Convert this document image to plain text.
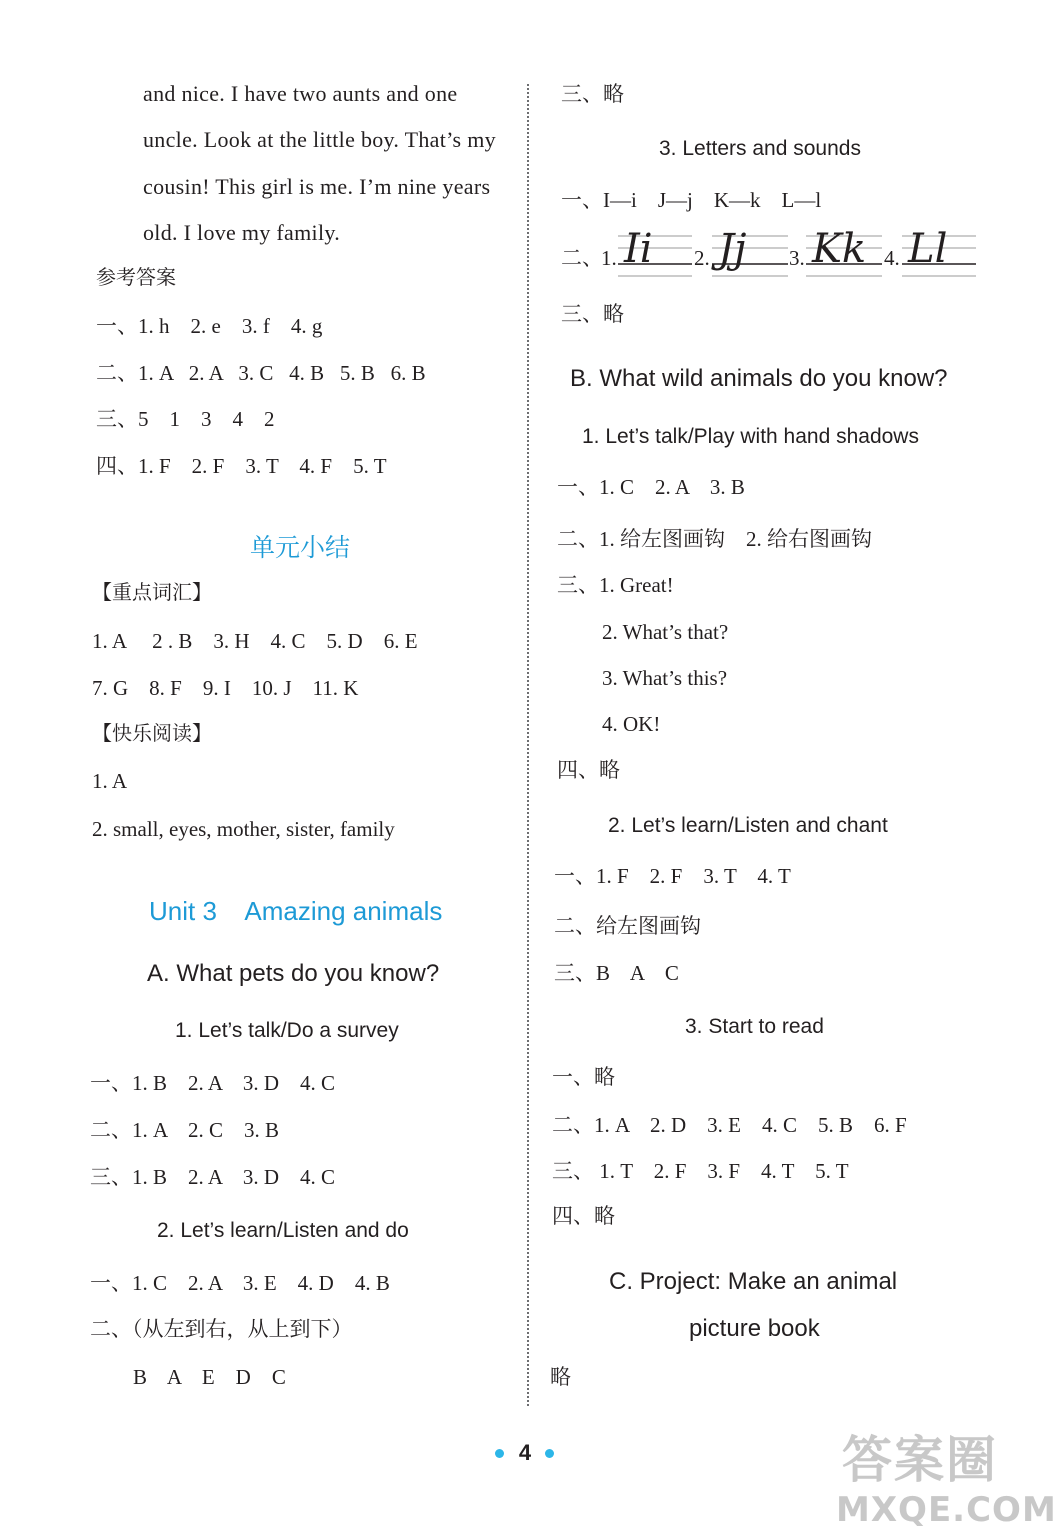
and nice. I have two aunts and one
uncle. Look at the little boy. That’s my
cousin! This girl is me. I’m nine years
old. I love my family.
参考答案
一、1. h    2. e    3. f    4. g
二、1. A   2. A   3. C   4. B   5. B   6. B
三、5    1    3    4    2
四、1. F    2. F    3. T    4. F    5. T
单元小结
【重点词汇】
1. A     2 . B    3. H    4. C    5. D    6. E
7. G    8. F    9. I    10. J    11. K
【快乐阅读】
1. A
2. small, eyes, mother, sister, family
Unit 3    Amazing animals
A. What pets do you know?
1. Let’s talk/Do a survey
一、1. B    2. A    3. D    4. C
二、1. A    2. C    3. B
三、1. B    2. A    3. D    4. C
2. Let’s learn/Listen and do
一、1. C    2. A    3. E    4. D    4. B
二、（从左到右，从上到下）
B    A    E    D    C
三、略
3. Letters and sounds
一、I—i    J—j    K—k    L—l
二、
1. Ii 2. Jj 3. Kk 4. Ll
三、略
B. What wild animals do you know?
1. Let’s talk/Play with hand shadows
一、1. C    2. A    3. B
二、1. 给左图画钩    2. 给右图画钩
三、1. Great!
2. What’s that?
3. What’s this?
4. OK!
四、略
2. Let’s learn/Listen and chant
一、1. F    2. F    3. T    4. T
二、给左图画钩
三、B    A    C
3. Start to read
一、略
二、1. A    2. D    3. E    4. C    5. B    6. F
三、 1. T    2. F    3. F    4. T    5. T
四、略
C. Project: Make an animal
picture book
略
4	答案圈
MXQE.COM
